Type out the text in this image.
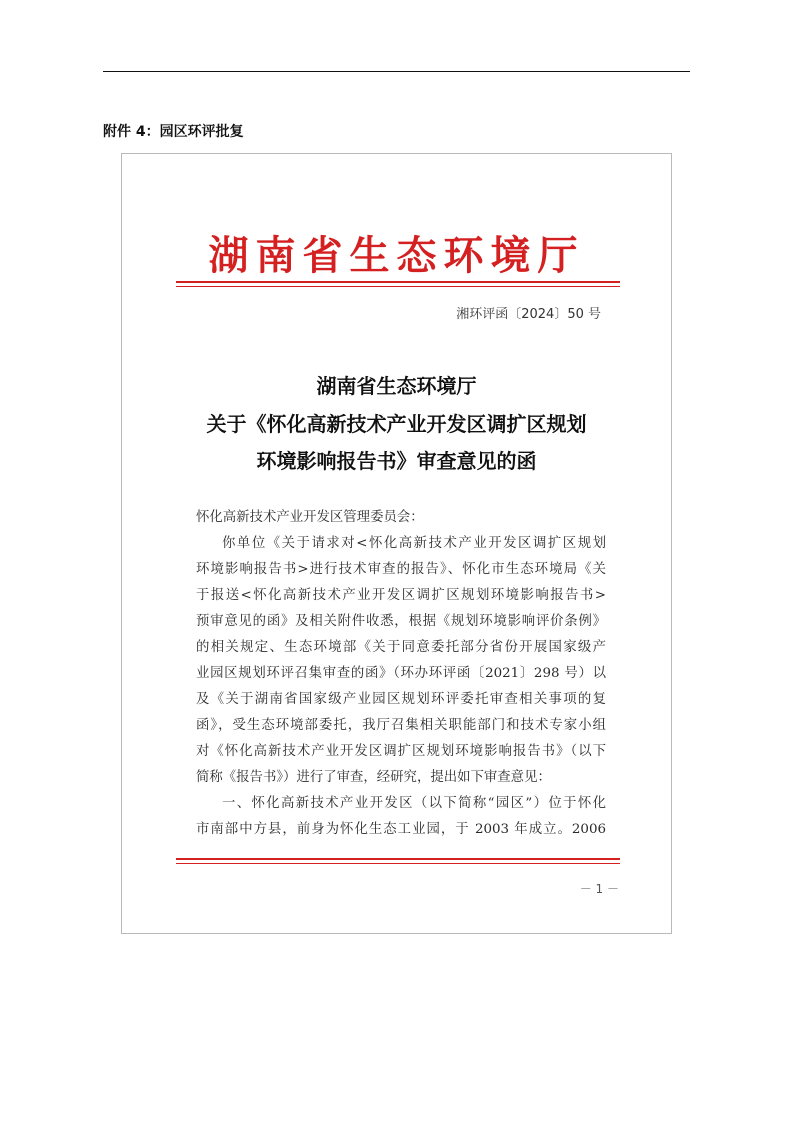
附件 4：园区环评批复
湖南省生态环境厅
湘环评函〔2024〕50 号
湖南省生态环境厅
关于《怀化高新技术产业开发区调扩区规划
环境影响报告书》审查意见的函
怀化高新技术产业开发区管理委员会：
你单位《关于请求对<怀化高新技术产业开发区调扩区规划
环境影响报告书>进行技术审查的报告》、怀化市生态环境局《关
于报送<怀化高新技术产业开发区调扩区规划环境影响报告书>
预审意见的函》及相关附件收悉，根据《规划环境影响评价条例》
的相关规定、生态环境部《关于同意委托部分省份开展国家级产
业园区规划环评召集审查的函》（环办环评函〔2021〕298 号）以
及《关于湖南省国家级产业园区规划环评委托审查相关事项的复
函》，受生态环境部委托，我厅召集相关职能部门和技术专家小组
对《怀化高新技术产业开发区调扩区规划环境影响报告书》（以下
简称《报告书》）进行了审查，经研究，提出如下审查意见：
一、怀化高新技术产业开发区（以下简称“园区”）位于怀化
市南部中方县，前身为怀化生态工业园，于 2003 年成立。2006
－ 1 －
